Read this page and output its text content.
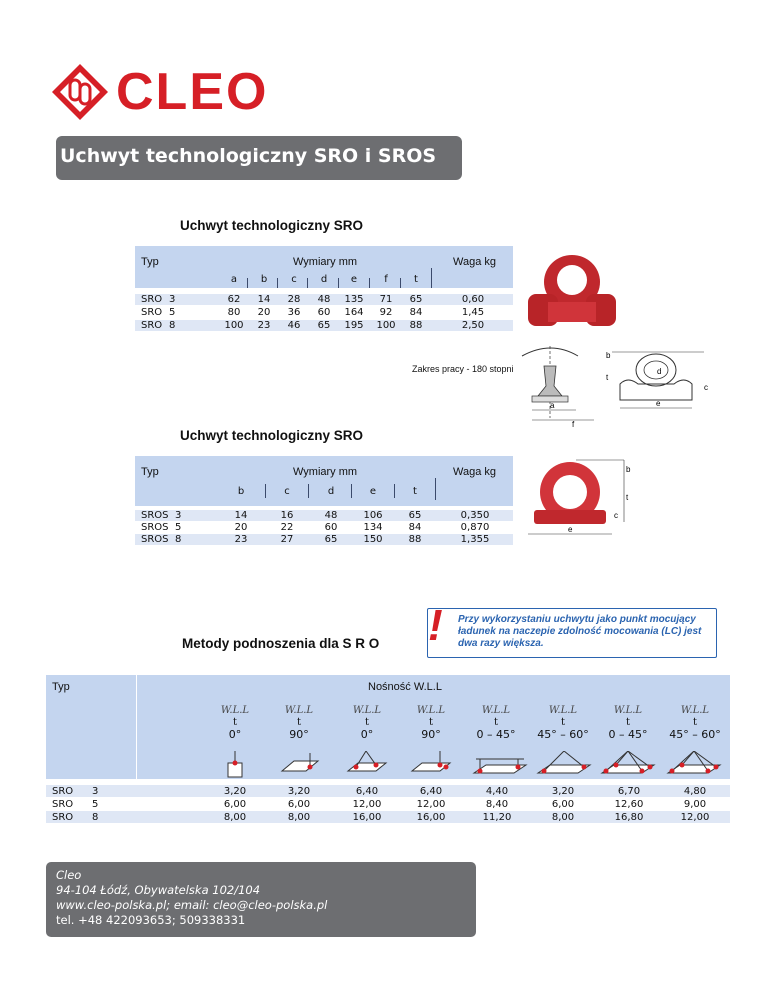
CLEO
Uchwyt technologiczny SRO i SROS
Uchwyt technologiczny SRO
Typ	Wymiary mm	Waga kg
a	b	c	d	e	f	t
SRO 3	62	14	28	48	135	71	65	0,60
SRO 5	80	20	36	60	164	92	84	1,45
SRO 8	100	23	46	65	195	100	88	2,50
Zakres pracy - 180 stopni
a
f
d
b
t
c
e
Uchwyt technologiczny SRO
Typ	Wymiary mm	Waga kg
b	c	d	e	t
SROS 3	14	16	48	106	65	0,350
SROS 5	20	22	60	134	84	0,870
SROS 8	23	27	65	150	88	1,355
d
b
t
c
e
! Przy wykorzystaniu uchwytu jako punkt mocujący ładunek na naczepie zdolność mocowania (LC) jest dwa razy większa.
Metody podnoszenia dla S R O
Typ	Nośność W.L.L
W.L.L
t
0°
W.L.L
t
90°
W.L.L
t
0°
W.L.L
t
90°
W.L.L
t
0 – 45°
W.L.L
t
45° – 60°
W.L.L
t
0 – 45°
W.L.L
t
45° – 60°
SRO 3	3,20	3,20	6,40	6,40	4,40	3,20	6,70	4,80
SRO 5	6,00	6,00	12,00	12,00	8,40	6,00	12,60	9,00
SRO 8	8,00	8,00	16,00	16,00	11,20	8,00	16,80	12,00
Cleo
94-104 Łódź, Obywatelska 102/104
www.cleo-polska.pl; email: cleo@cleo-polska.pl
tel. +48 422093653; 509338331
